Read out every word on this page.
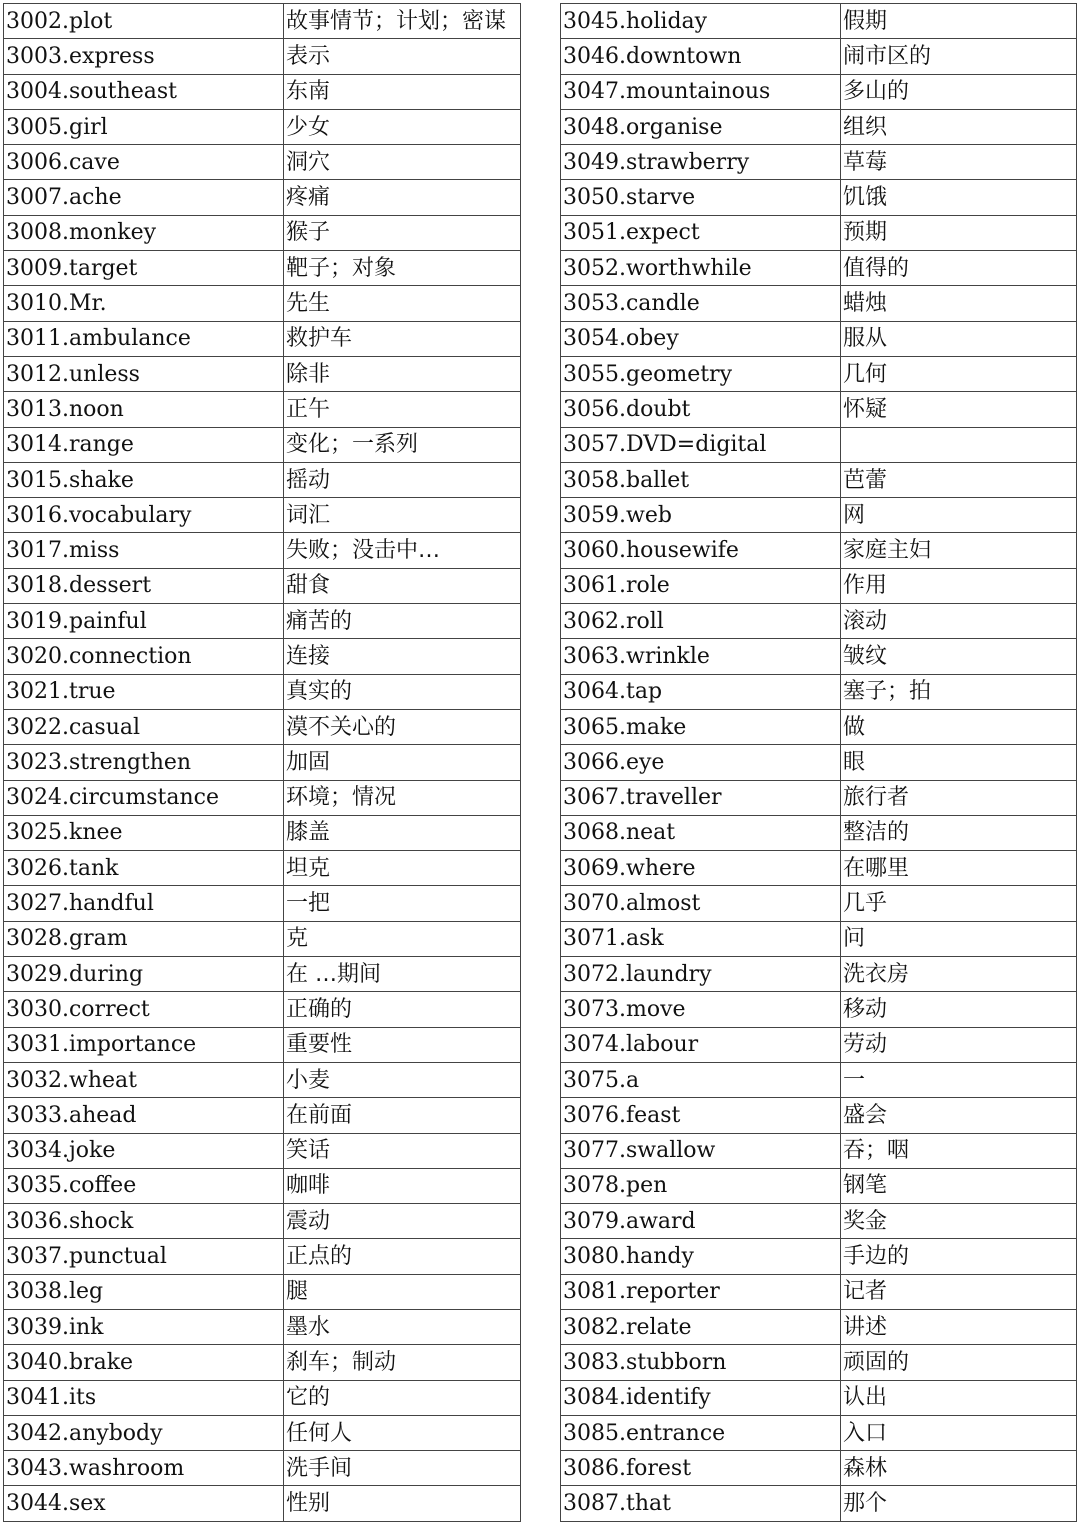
3002.plot	故事情节；计划；密谋
3003.express	表示
3004.southeast	东南
3005.girl	少女
3006.cave	洞穴
3007.ache	疼痛
3008.monkey	猴子
3009.target	靶子；对象
3010.Mr.	先生
3011.ambulance	救护车
3012.unless	除非
3013.noon	正午
3014.range	变化；一系列
3015.shake	摇动
3016.vocabulary	词汇
3017.miss	失败；没击中…
3018.dessert	甜食
3019.painful	痛苦的
3020.connection	连接
3021.true	真实的
3022.casual	漠不关心的
3023.strengthen	加固
3024.circumstance	环境；情况
3025.knee	膝盖
3026.tank	坦克
3027.handful	一把
3028.gram	克
3029.during	在 …期间
3030.correct	正确的
3031.importance	重要性
3032.wheat	小麦
3033.ahead	在前面
3034.joke	笑话
3035.coffee	咖啡
3036.shock	震动
3037.punctual	正点的
3038.leg	腿
3039.ink	墨水
3040.brake	刹车；制动
3041.its	它的
3042.anybody	任何人
3043.washroom	洗手间
3044.sex	性别
3045.holiday	假期
3046.downtown	闹市区的
3047.mountainous	多山的
3048.organise	组织
3049.strawberry	草莓
3050.starve	饥饿
3051.expect	预期
3052.worthwhile	值得的
3053.candle	蜡烛
3054.obey	服从
3055.geometry	几何
3056.doubt	怀疑
3057.DVD=digital	
3058.ballet	芭蕾
3059.web	网
3060.housewife	家庭主妇
3061.role	作用
3062.roll	滚动
3063.wrinkle	皱纹
3064.tap	塞子；拍
3065.make	做
3066.eye	眼
3067.traveller	旅行者
3068.neat	整洁的
3069.where	在哪里
3070.almost	几乎
3071.ask	问
3072.laundry	洗衣房
3073.move	移动
3074.labour	劳动
3075.a	一
3076.feast	盛会
3077.swallow	吞；咽
3078.pen	钢笔
3079.award	奖金
3080.handy	手边的
3081.reporter	记者
3082.relate	讲述
3083.stubborn	顽固的
3084.identify	认出
3085.entrance	入口
3086.forest	森林
3087.that	那个
